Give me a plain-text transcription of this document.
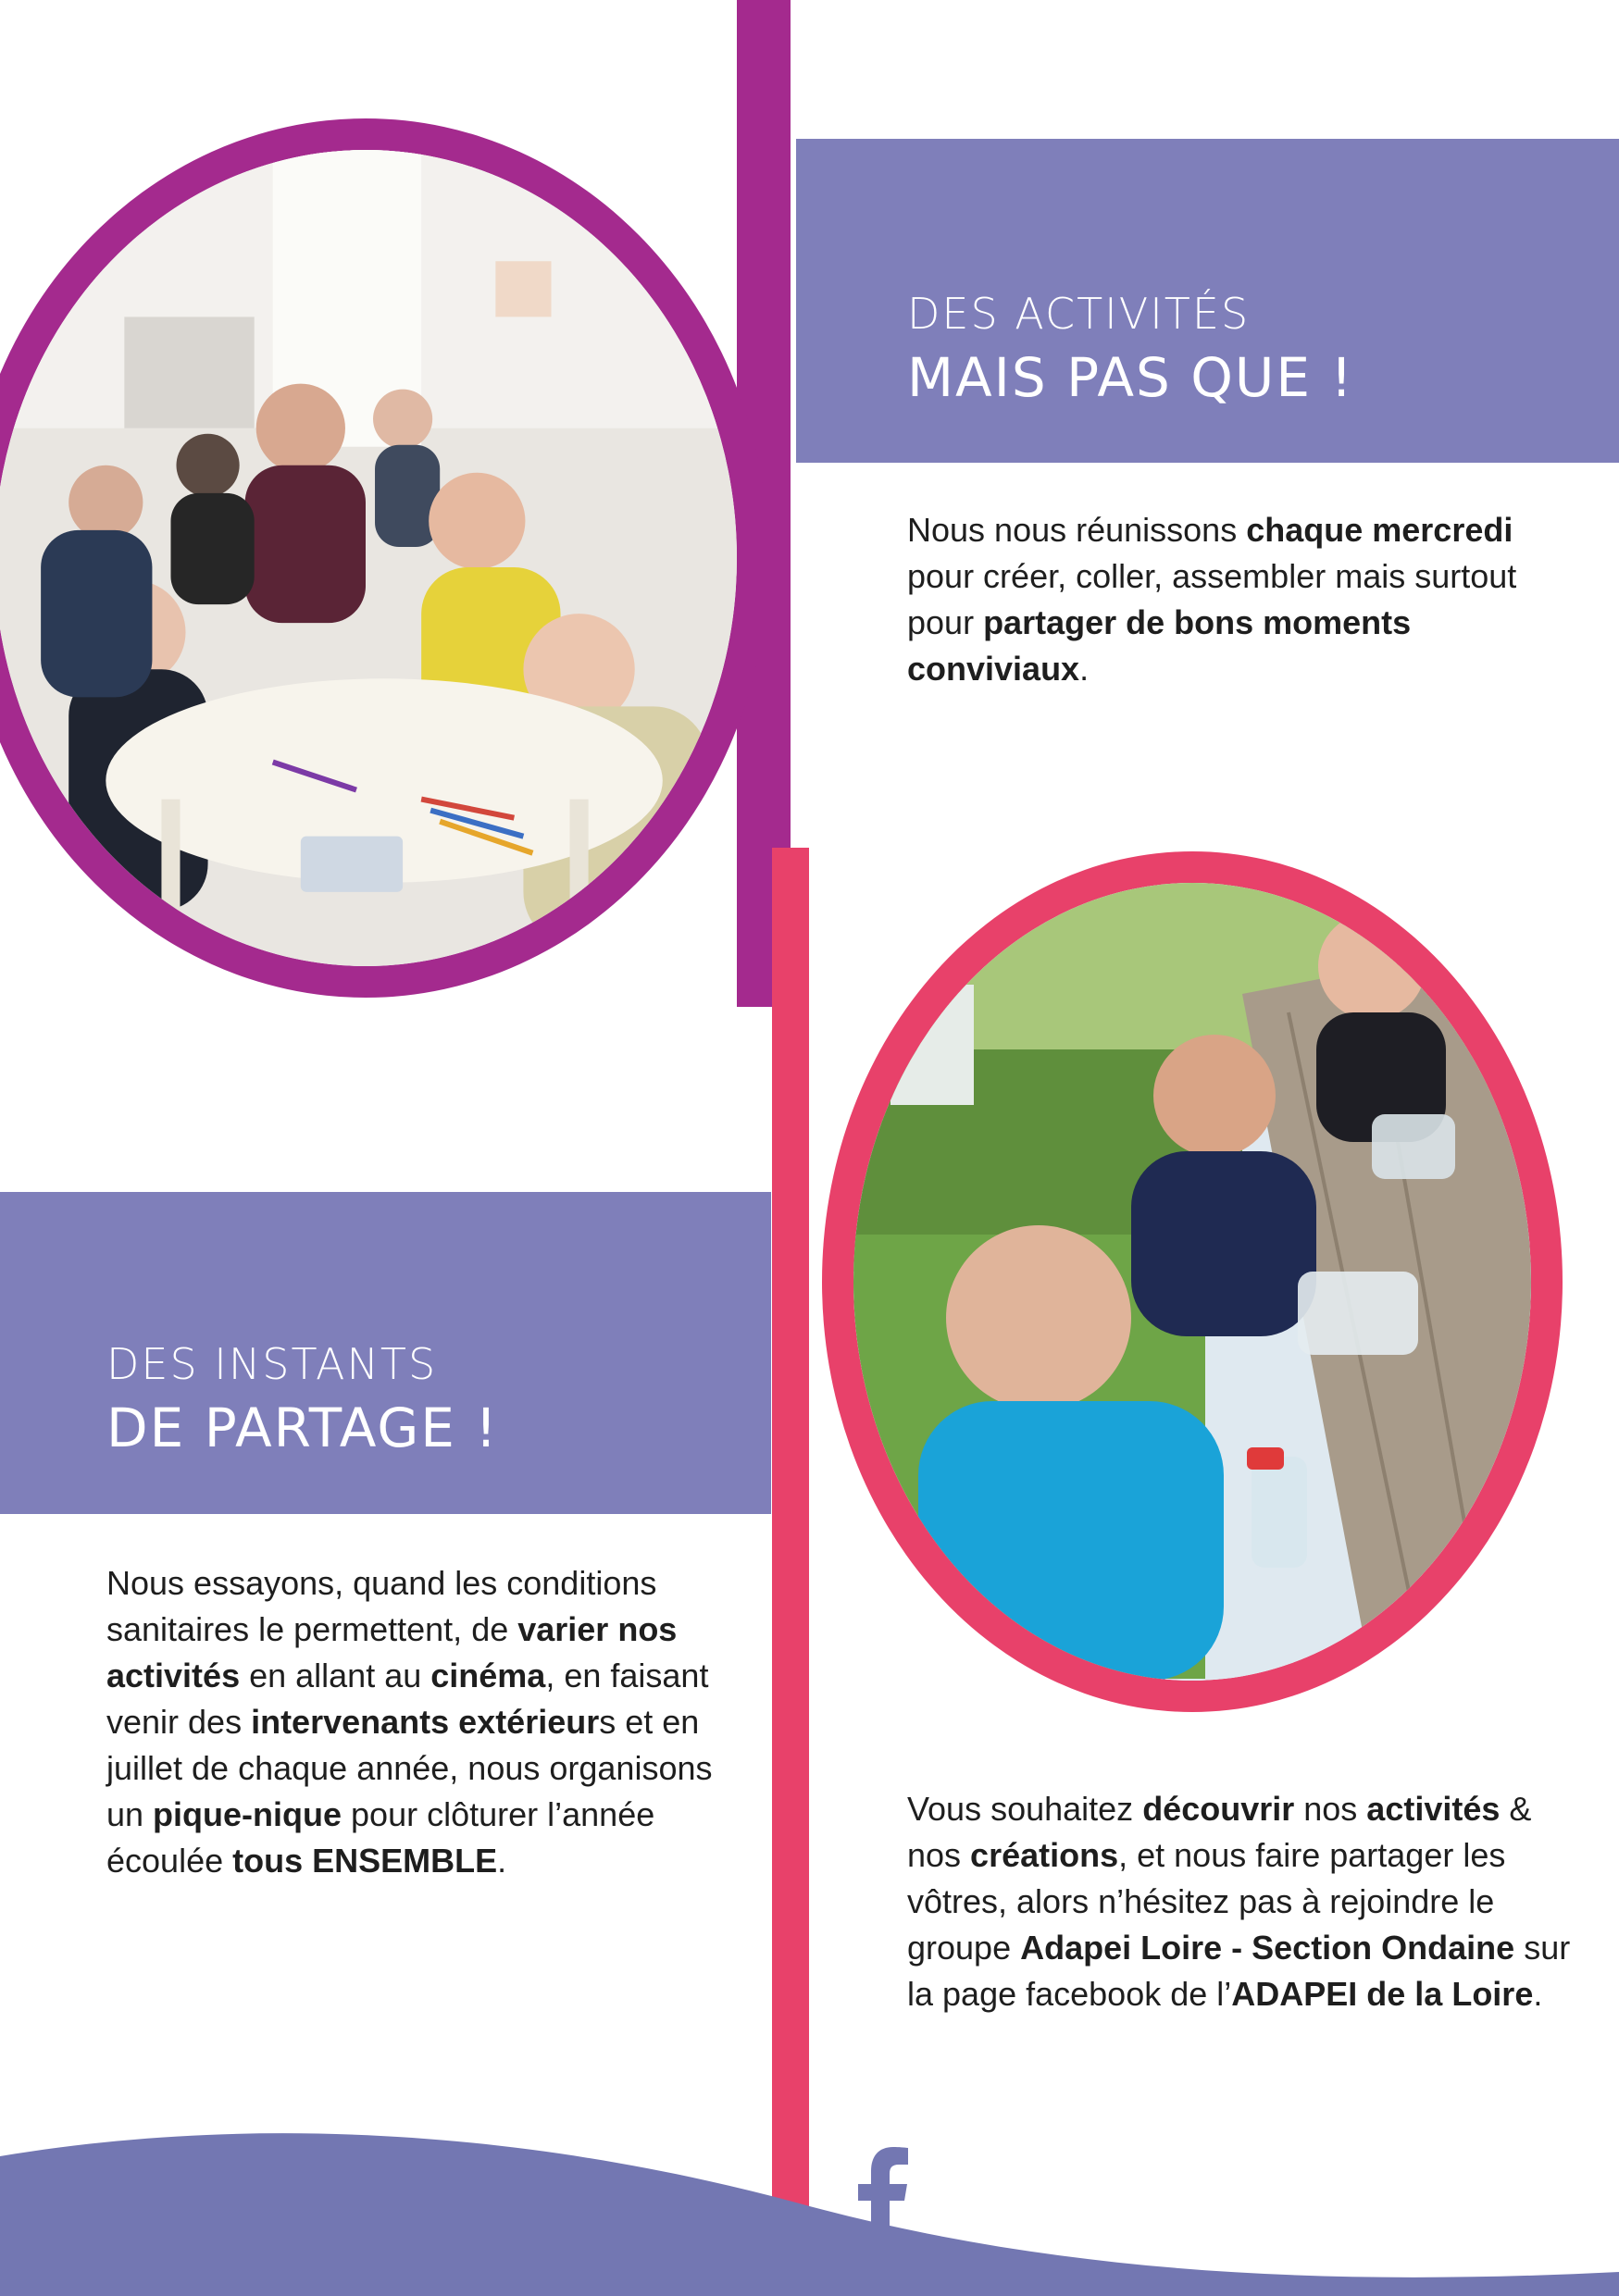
DES ACTIVITÉS
MAIS PAS QUE !
DES INSTANTS
DE PARTAGE !
Nous nous réunissons chaque mercredi pour créer, coller, assembler mais surtout pour partager de bons moments conviviaux.
Nous essayons, quand les conditions sanitaires le permettent, de varier nos activités en allant au cinéma, en faisant venir des intervenants extérieurs et en juillet de chaque année, nous organisons un pique-nique pour clôturer l’année écoulée tous ENSEMBLE.
Vous souhaitez découvrir nos activités & nos créations, et nous faire partager les vôtres, alors n’hésitez pas à rejoindre le groupe Adapei Loire - Section Ondaine sur la page facebook de l’ADAPEI de la Loire.
